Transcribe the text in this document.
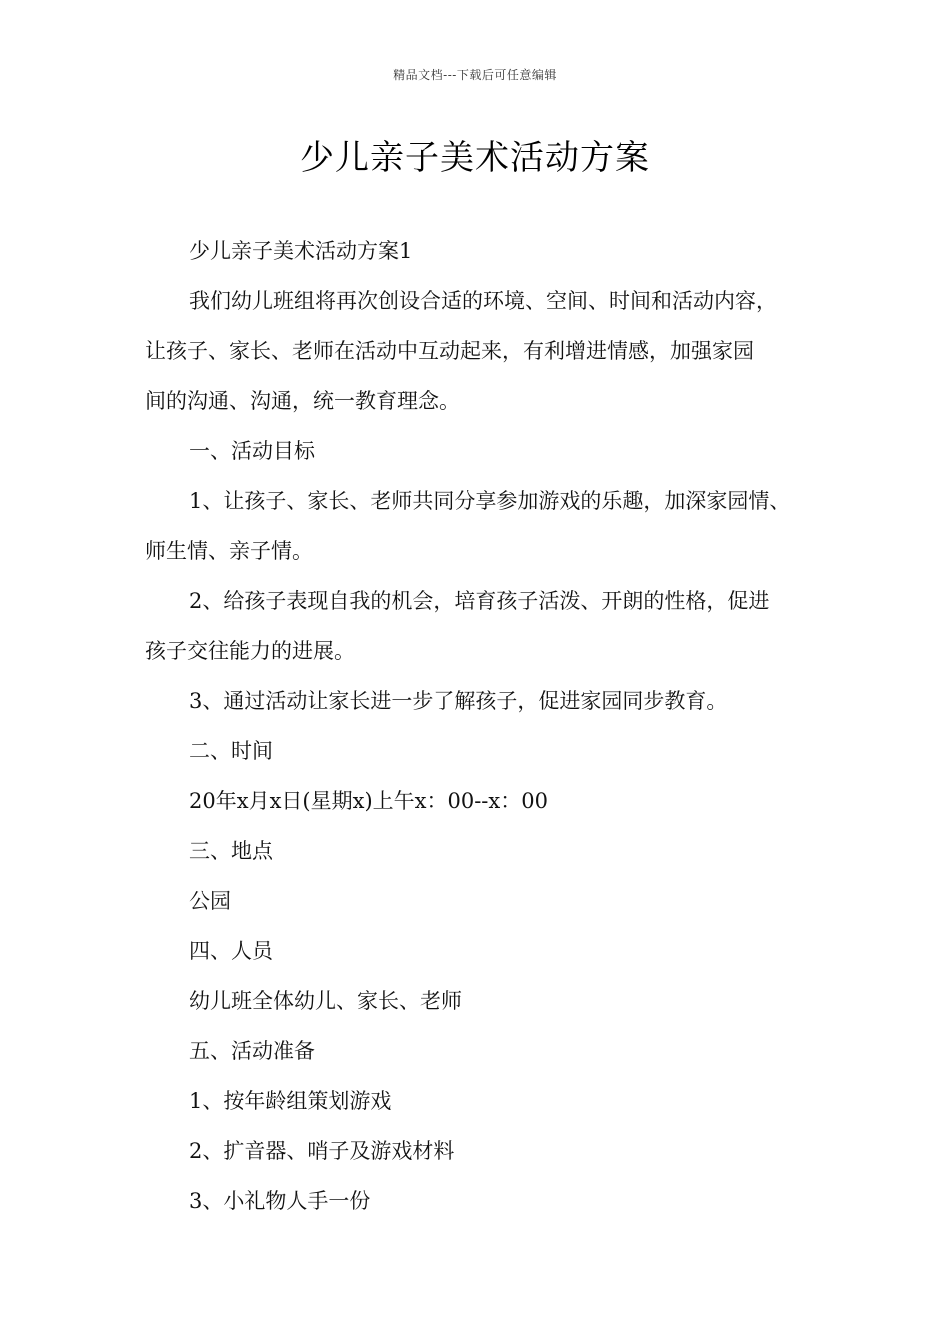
精品文档---下载后可任意编辑
少儿亲子美术活动方案
少儿亲子美术活动方案1
我们幼儿班组将再次创设合适的环境、空间、时间和活动内容，
让孩子、家长、老师在活动中互动起来，有利增进情感，加强家园
间的沟通、沟通，统一教育理念。
一、活动目标
1、让孩子、家长、老师共同分享参加游戏的乐趣，加深家园情、
师生情、亲子情。
2、给孩子表现自我的机会，培育孩子活泼、开朗的性格，促进
孩子交往能力的进展。
3、通过活动让家长进一步了解孩子，促进家园同步教育。
二、时间
20年x月x日(星期x)上午x：00--x：00
三、地点
公园
四、人员
幼儿班全体幼儿、家长、老师
五、活动准备
1、按年龄组策划游戏
2、扩音器、哨子及游戏材料
3、小礼物人手一份
